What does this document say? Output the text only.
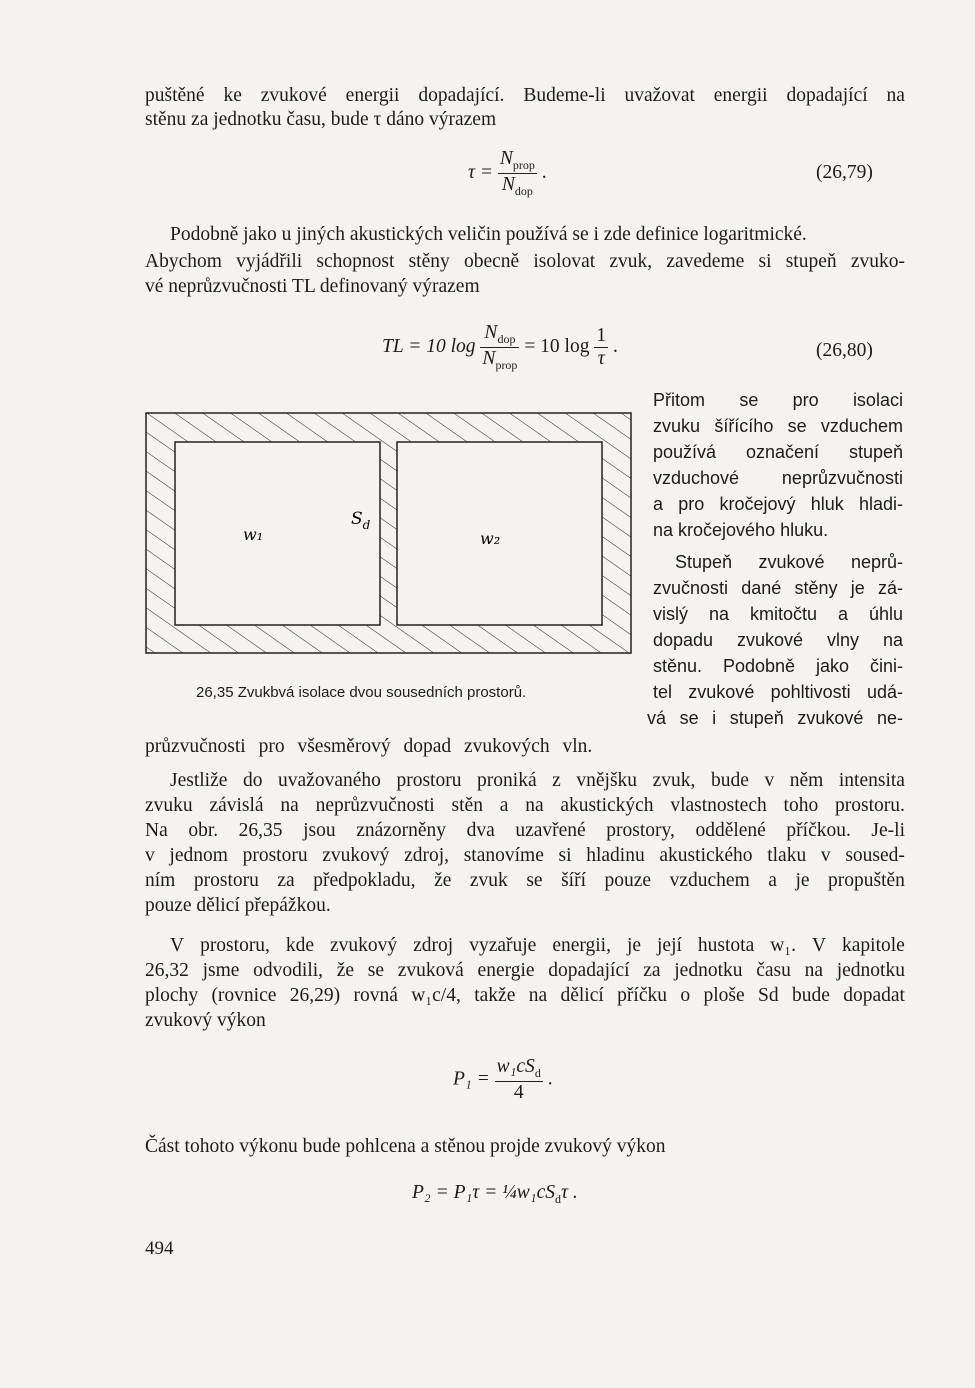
puštěné ke zvukové energii dopadající. Budeme-li uvažovat energii dopadající na
stěnu za jednotku času, bude τ dáno výrazem
$\tau = \frac{N_{prop}}{N_{dop}}$ .	(26,79)
Podobně jako u jiných akustických veličin používá se i zde definice logaritmické.
Abychom vyjádřili schopnost stěny obecně isolovat zvuk, zavedeme si stupeň zvuko-
vé neprůzvučnosti TL definovaný výrazem
TL = 10 $\log \frac{N_{dop}}{N_{prop}} = 10$ $\log \frac{1}{\tau}$ .	(26,80)
w₁	w₂
$S_d$
26,35 Zvukbvá isolace dvou sousedních prostorů.
Přitom se pro isolaci
zvuku šířícího se vzduchem
používá označení stupeň
vzduchové neprůzvučnosti
a pro kročejový hluk hladi-
na kročejového hluku.
Stupeň zvukové neprů-
zvučnosti dané stěny je zá-
vislý na kmitočtu a úhlu
dopadu zvukové vlny na
stěnu. Podobně jako čini-
tel zvukové pohltivosti udá-
vá se i stupeň zvukové ne-
průzvučnosti pro všesměrový dopad zvukových vln.
Jestliže do uvažovaného prostoru proniká z vnějšku zvuk, bude v něm intensita
zvuku závislá na neprůzvučnosti stěn a na akustických vlastnostech toho prostoru.
Na obr. 26,35 jsou znázorněny dva uzavřené prostory, oddělené příčkou. Je-li
v jednom prostoru zvukový zdroj, stanovíme si hladinu akustického tlaku v soused-
ním prostoru za předpokladu, že zvuk se šíří pouze vzduchem a je propuštěn
pouze dělicí přepážkou.
V prostoru, kde zvukový zdroj vyzařuje energii, je její hustota w₁. V kapitole
26,32 jsme odvodili, že se zvuková energie dopadající za jednotku času na jednotku
plochy (rovnice 26,29) rovná w₁c/4, takže na dělicí příčku o ploše Sd bude dopadat
zvukový výkon
$P_1 = \frac{w_1cS_d}{4}$ .
Část tohoto výkonu bude pohlcena a stěnou projde zvukový výkon
$P_2 = P_1\tau = \frac{1}{4}w_1cS_d\tau$ .
494
